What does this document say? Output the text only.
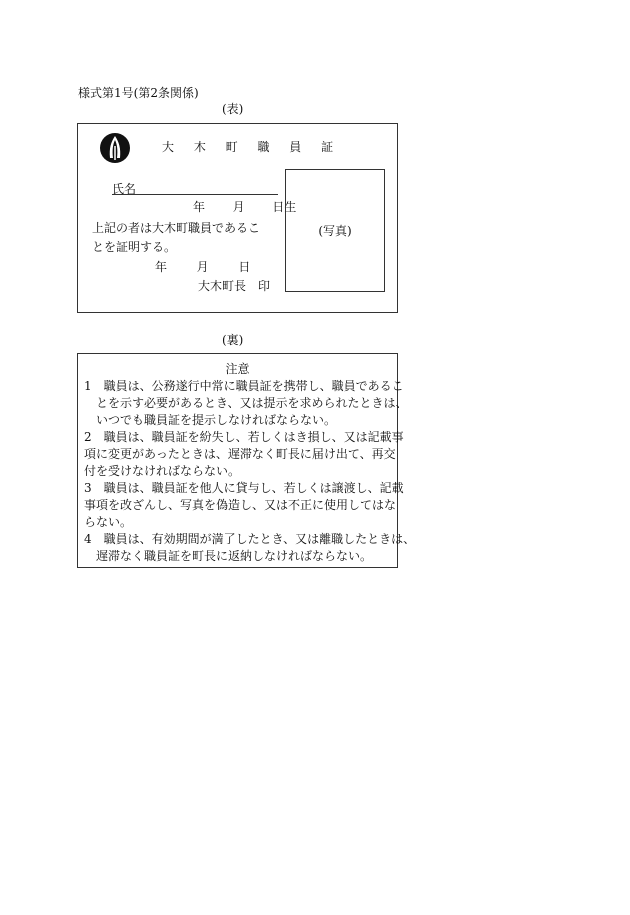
様式第1号(第2条関係)
(表)
大 木 町 職 員 証
氏名
年 月 日生
上記の者は大木町職員であるこ
とを証明する。
年 月 日
大木町長　印
(写真)
(裏)
注意
1　職員は、公務遂行中常に職員証を携帯し、職員であるこ
とを示す必要があるとき、又は提示を求められたときは、
いつでも職員証を提示しなければならない。
2　職員は、職員証を紛失し、若しくはき損し、又は記載事
項に変更があったときは、遅滞なく町長に届け出て、再交
付を受けなければならない。
3　職員は、職員証を他人に貸与し、若しくは譲渡し、記載
事項を改ざんし、写真を偽造し、又は不正に使用してはな
らない。
4　職員は、有効期間が満了したとき、又は離職したときは、
遅滞なく職員証を町長に返納しなければならない。
